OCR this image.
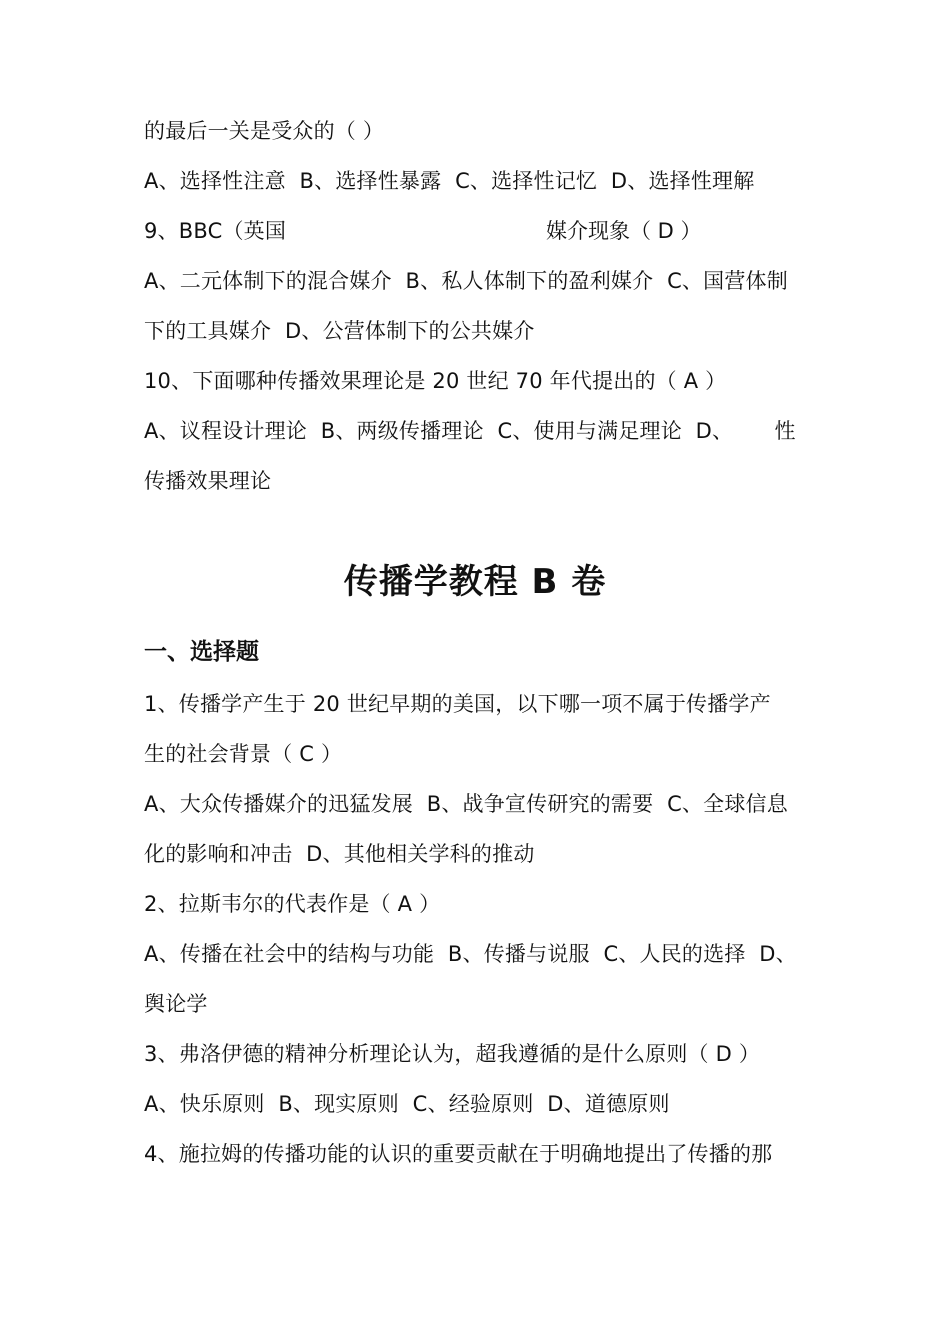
的最后一关是受众的（ ）
A、选择性注意  B、选择性暴露  C、选择性记忆  D、选择性理解
9、BBC（英国	媒介现象（ D ）
A、二元体制下的混合媒介  B、私人体制下的盈利媒介  C、国营体制
下的工具媒介  D、公营体制下的公共媒介
10、下面哪种传播效果理论是 20 世纪 70 年代提出的（ A ）
A、议程设计理论  B、两级传播理论  C、使用与满足理论  D、      性
传播效果理论
传播学教程 B 卷
一、选择题
1、传播学产生于 20 世纪早期的美国，以下哪一项不属于传播学产
生的社会背景（ C ）
A、大众传播媒介的迅猛发展  B、战争宣传研究的需要  C、全球信息
化的影响和冲击  D、其他相关学科的推动
2、拉斯韦尔的代表作是（ A ）
A、传播在社会中的结构与功能  B、传播与说服  C、人民的选择  D、
舆论学
3、弗洛伊德的精神分析理论认为，超我遵循的是什么原则（ D ）
A、快乐原则  B、现实原则  C、经验原则  D、道德原则
4、施拉姆的传播功能的认识的重要贡献在于明确地提出了传播的那
